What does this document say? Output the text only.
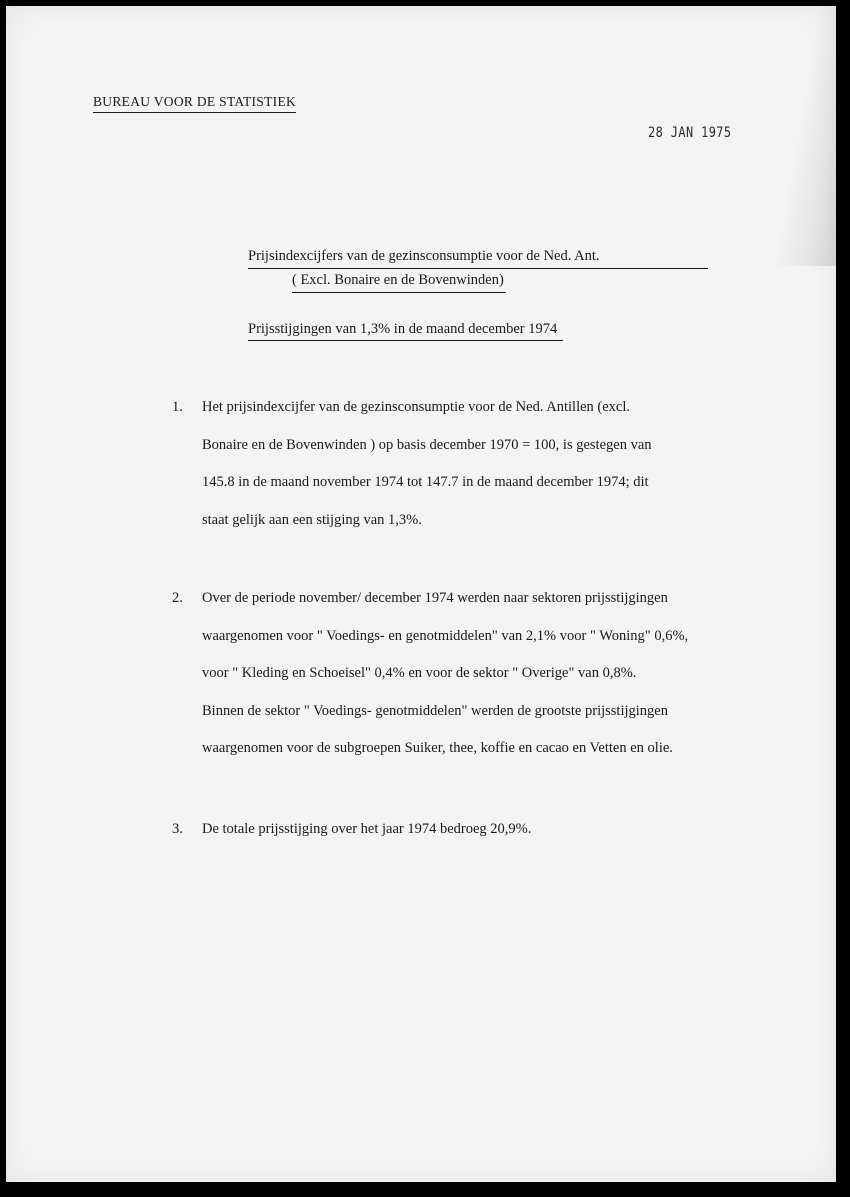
BUREAU VOOR DE STATISTIEK
28 JAN 1975
Prijsindexcijfers van de gezinsconsumptie voor de Ned. Ant.
( Excl. Bonaire en de Bovenwinden)
Prijsstijgingen van 1,3% in de maand december 1974
1. Het prijsindexcijfer van de gezinsconsumptie voor de Ned. Antillen (excl.
Bonaire en de Bovenwinden ) op basis december 1970 = 100, is gestegen van
145.8 in de maand november 1974 tot 147.7 in de maand december 1974; dit
staat gelijk aan een stijging van 1,3%.
2. Over de periode november/ december 1974 werden naar sektoren prijsstijgingen
waargenomen voor " Voedings- en genotmiddelen" van 2,1% voor " Woning" 0,6%,
voor " Kleding en Schoeisel" 0,4% en voor de sektor " Overige" van 0,8%.
Binnen de sektor " Voedings- genotmiddelen" werden de grootste prijsstijgingen
waargenomen voor de subgroepen Suiker, thee, koffie en cacao en Vetten en olie.
3. De totale prijsstijging over het jaar 1974 bedroeg 20,9%.
